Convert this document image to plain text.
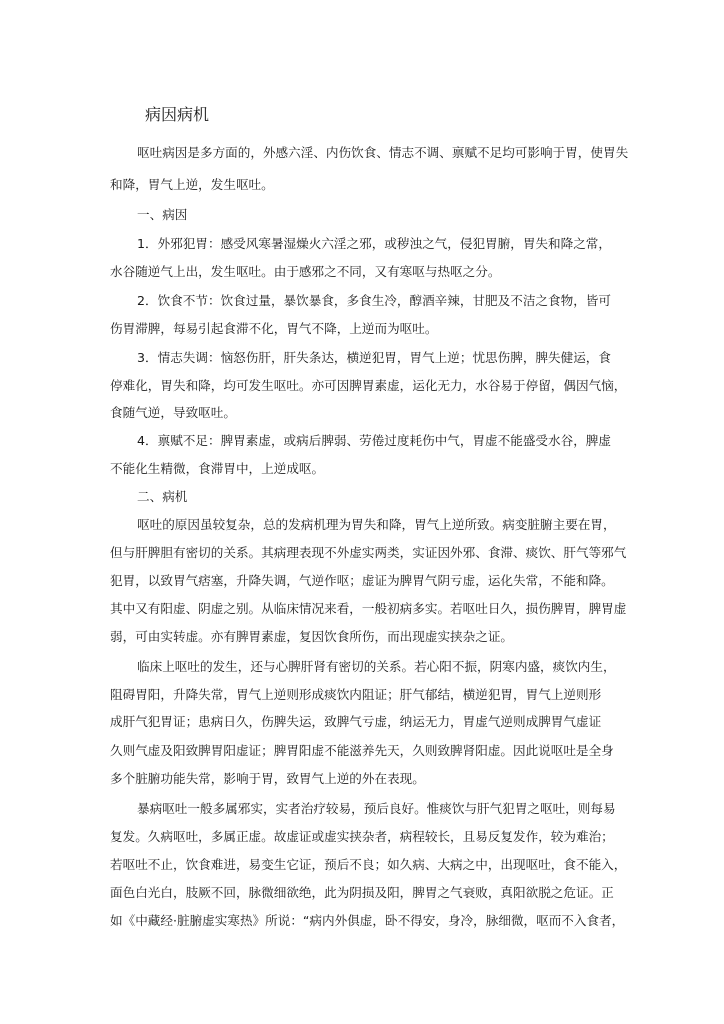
病因病机

呕吐病因是多方面的，外感六淫、内伤饮食、情志不调、禀赋不足均可影响于胃，使胃失

和降，胃气上逆，发生呕吐。

一、病因

1．外邪犯胃：感受风寒暑湿燥火六淫之邪，或秽浊之气，侵犯胃腑，胃失和降之常，

水谷随逆气上出，发生呕吐。由于感邪之不同，又有寒呕与热呕之分。

2．饮食不节：饮食过量，暴饮暴食，多食生冷，醇酒辛辣，甘肥及不洁之食物，皆可

伤胃滞脾，每易引起食滞不化，胃气不降，上逆而为呕吐。

3．情志失调：恼怒伤肝，肝失条达，横逆犯胃，胃气上逆；忧思伤脾，脾失健运，食

停难化，胃失和降，均可发生呕吐。亦可因脾胃素虚，运化无力，水谷易于停留，偶因气恼，

食随气逆，导致呕吐。

4．禀赋不足：脾胃素虚，或病后脾弱、劳倦过度耗伤中气，胃虚不能盛受水谷，脾虚

不能化生精微，食滞胃中，上逆成呕。

二、病机

呕吐的原因虽较复杂，总的发病机理为胃失和降，胃气上逆所致。病变脏腑主要在胃，

但与肝脾胆有密切的关系。其病理表现不外虚实两类，实证因外邪、食滞、痰饮、肝气等邪气

犯胃，以致胃气痞塞，升降失调，气逆作呕；虚证为脾胃气阴亏虚，运化失常，不能和降。

其中又有阳虚、阴虚之别。从临床情况来看，一般初病多实。若呕吐日久，损伤脾胃，脾胃虚

弱，可由实转虚。亦有脾胃素虚，复因饮食所伤，而出现虚实挟杂之证。

临床上呕吐的发生，还与心脾肝肾有密切的关系。若心阳不振，阴寒内盛，痰饮内生，

阻碍胃阳，升降失常，胃气上逆则形成痰饮内阻证；肝气郁结，横逆犯胃，胃气上逆则形

成肝气犯胃证；患病日久，伤脾失运，致脾气亏虚，纳运无力，胃虚气逆则成脾胃气虚证

久则气虚及阳致脾胃阳虚证；脾胃阳虚不能滋养先天，久则致脾肾阳虚。因此说呕吐是全身

多个脏腑功能失常，影响于胃，致胃气上逆的外在表现。

暴病呕吐一般多属邪实，实者治疗较易，预后良好。惟痰饮与肝气犯胃之呕吐，则每易

复发。久病呕吐，多属正虚。故虚证或虚实挟杂者，病程较长，且易反复发作，较为难治；

若呕吐不止，饮食难进，易变生它证，预后不良；如久病、大病之中，出现呕吐，食不能入，

面色白光白，肢厥不回，脉微细欲绝，此为阴损及阳，脾胃之气衰败，真阳欲脱之危证。正

如《中藏经·脏腑虚实寒热》所说：“病内外俱虚，卧不得安，身冷，脉细微，呕而不入食者，
